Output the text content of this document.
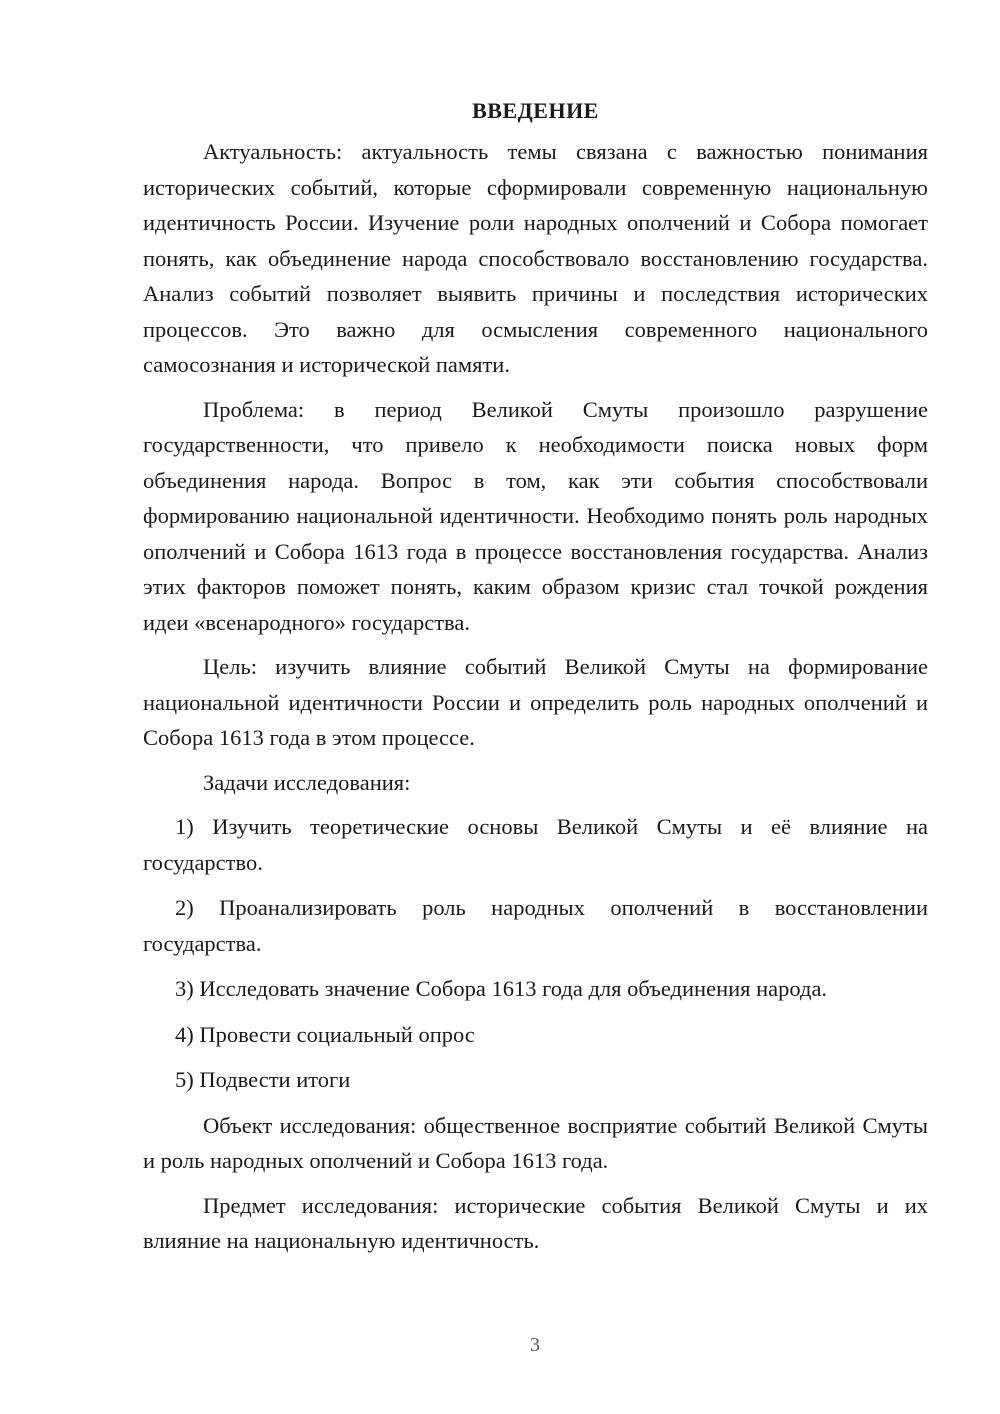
ВВЕДЕНИЕ

Актуальность: актуальность темы связана с важностью понимания исторических событий, которые сформировали современную национальную идентичность России. Изучение роли народных ополчений и Собора помогает понять, как объединение народа способствовало восстановлению государства. Анализ событий позволяет выявить причины и последствия исторических процессов. Это важно для осмысления современного национального самосознания и исторической памяти.

Проблема: в период Великой Смуты произошло разрушение государственности, что привело к необходимости поиска новых форм объединения народа. Вопрос в том, как эти события способствовали формированию национальной идентичности. Необходимо понять роль народных ополчений и Собора 1613 года в процессе восстановления государства. Анализ этих факторов поможет понять, каким образом кризис стал точкой рождения идеи «всенародного» государства.

Цель: изучить влияние событий Великой Смуты на формирование национальной идентичности России и определить роль народных ополчений и Собора 1613 года в этом процессе.

Задачи исследования:

1) Изучить теоретические основы Великой Смуты и её влияние на государство.

2) Проанализировать роль народных ополчений в восстановлении государства.

3) Исследовать значение Собора 1613 года для объединения народа.

4) Провести социальный опрос

5) Подвести итоги

Объект исследования: общественное восприятие событий Великой Смуты и роль народных ополчений и Собора 1613 года.

Предмет исследования: исторические события Великой Смуты и их влияние на национальную идентичность.

3
